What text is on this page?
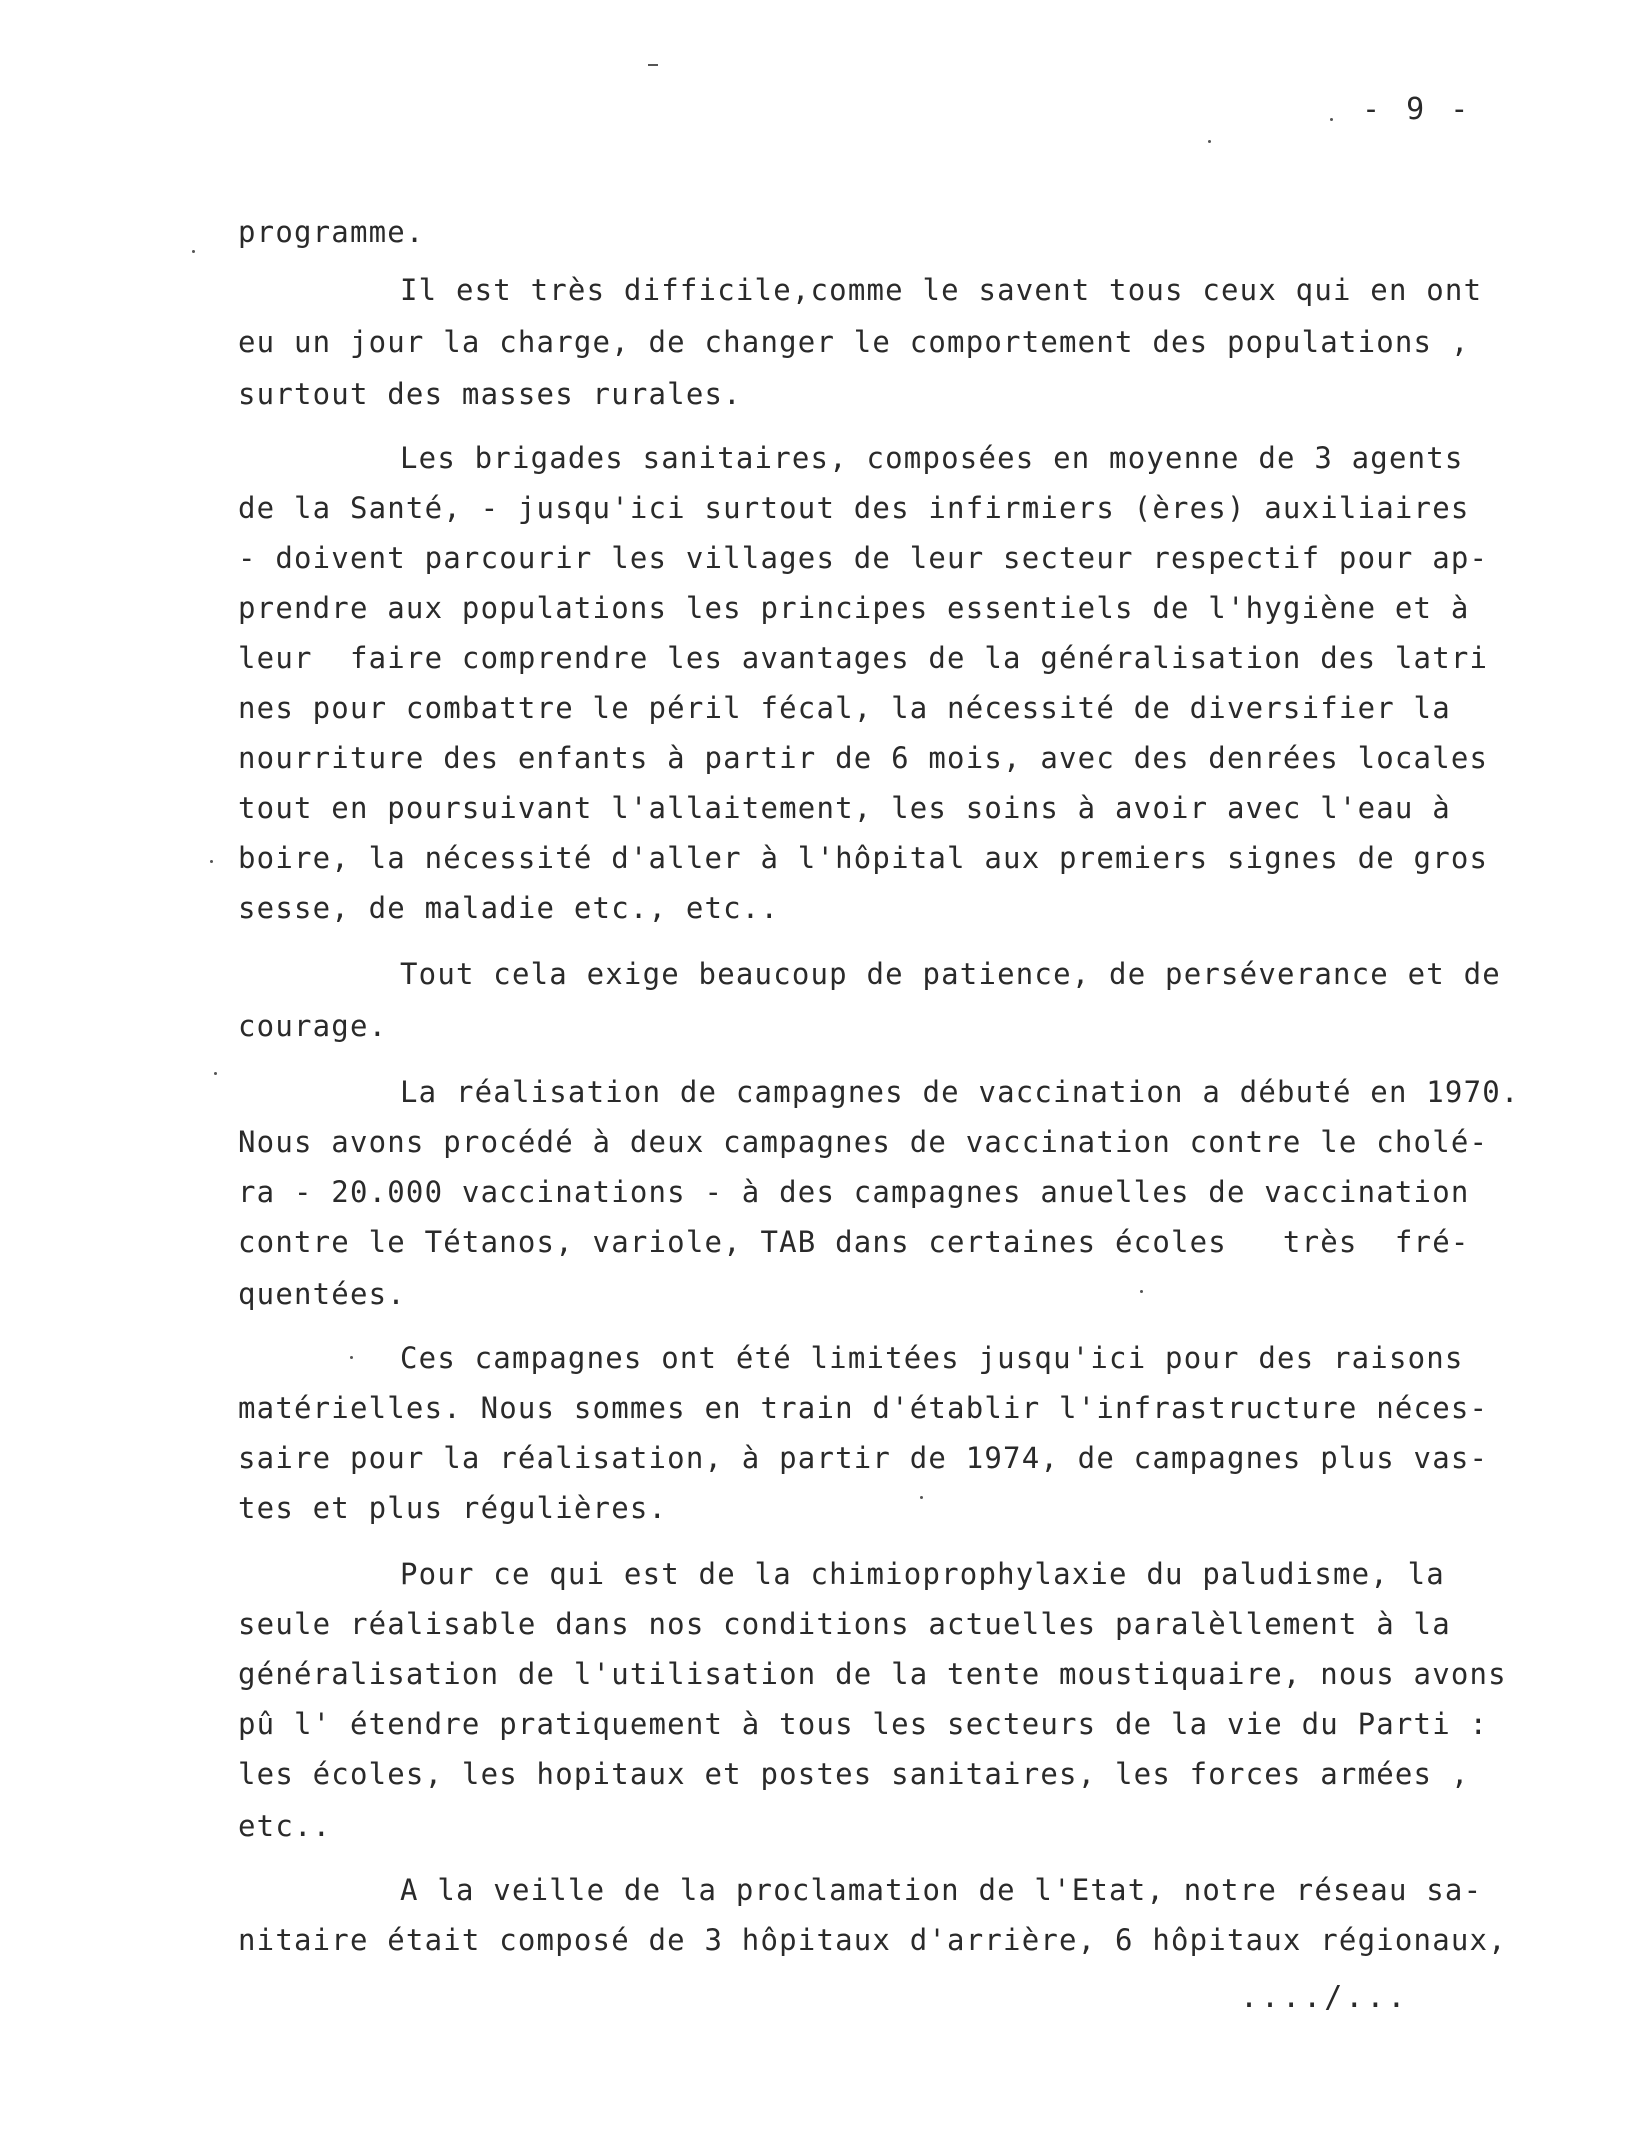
- 9 -
programme.
Il est très difficile,comme le savent tous ceux qui en ont
eu un jour la charge, de changer le comportement des populations ,
surtout des masses rurales.
Les brigades sanitaires, composées en moyenne de 3 agents
de la Santé, - jusqu'ici surtout des infirmiers (ères) auxiliaires
- doivent parcourir les villages de leur secteur respectif pour ap-
prendre aux populations les principes essentiels de l'hygiène et à
leur  faire comprendre les avantages de la généralisation des latri
nes pour combattre le péril fécal, la nécessité de diversifier la
nourriture des enfants à partir de 6 mois, avec des denrées locales
tout en poursuivant l'allaitement, les soins à avoir avec l'eau à
boire, la nécessité d'aller à l'hôpital aux premiers signes de gros
sesse, de maladie etc., etc..
Tout cela exige beaucoup de patience, de perséverance et de
courage.
La réalisation de campagnes de vaccination a débuté en 1970.
Nous avons procédé à deux campagnes de vaccination contre le cholé-
ra - 20.000 vaccinations - à des campagnes anuelles de vaccination
contre le Tétanos, variole, TAB dans certaines écoles   très  fré-
quentées.
Ces campagnes ont été limitées jusqu'ici pour des raisons
matérielles. Nous sommes en train d'établir l'infrastructure néces-
saire pour la réalisation, à partir de 1974, de campagnes plus vas-
tes et plus régulières.
Pour ce qui est de la chimioprophylaxie du paludisme, la
seule réalisable dans nos conditions actuelles paralèllement à la
généralisation de l'utilisation de la tente moustiquaire, nous avons
pû l' étendre pratiquement à tous les secteurs de la vie du Parti :
les écoles, les hopitaux et postes sanitaires, les forces armées ,
etc..
A la veille de la proclamation de l'Etat, notre réseau sa-
nitaire était composé de 3 hôpitaux d'arrière, 6 hôpitaux régionaux,
..../...
